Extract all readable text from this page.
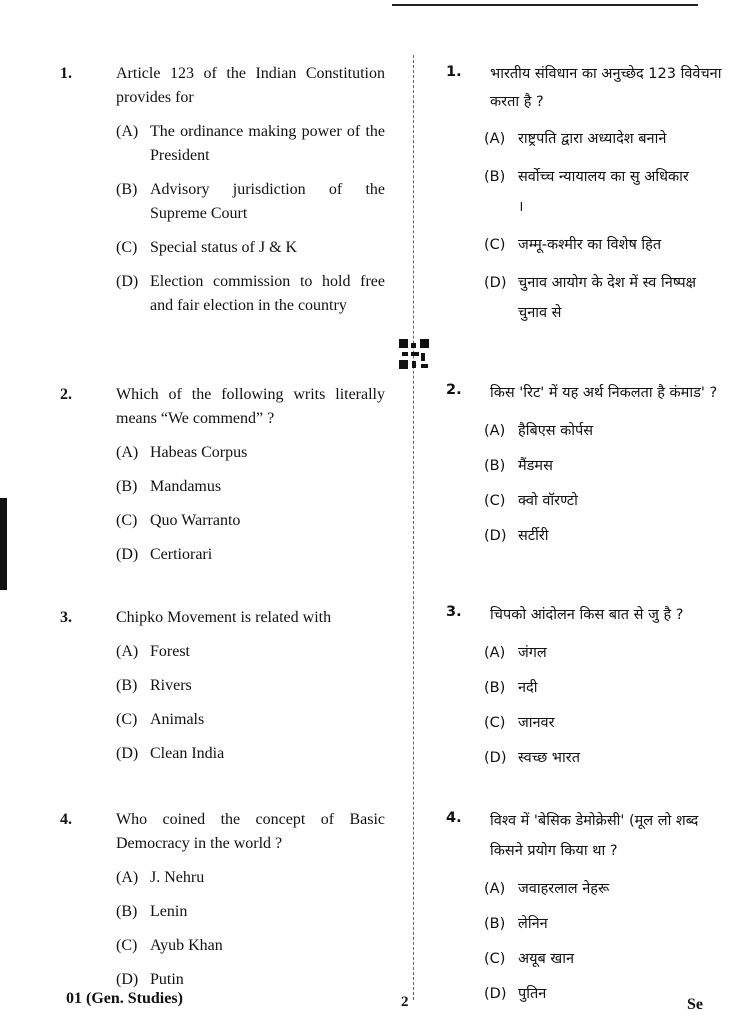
1.	Article 123 of the Indian Constitution provides for
(A) The ordinance making power of the President
(B) Advisory jurisdiction of the Supreme Court
(C) Special status of J & K
(D) Election commission to hold free and fair election in the country
2.	Which of the following writs literally means “We commend” ?
(A) Habeas Corpus
(B) Mandamus
(C) Quo Warranto
(D) Certiorari
3.	Chipko Movement is related with
(A) Forest
(B) Rivers
(C) Animals
(D) Clean India
4.	Who coined the concept of Basic Democracy in the world ?
(A) J. Nehru
(B) Lenin
(C) Ayub Khan
(D) Putin
1. भारतीय संविधान का अनुच्छेद 123 विवेचना करता है ?
(A) राष्ट्रपति द्वारा अध्यादेश बनाने
(B) सर्वोच्च न्यायालय का सु अधिकार ।
(C) जम्मू-कश्मीर का विशेष हित
(D) चुनाव आयोग के देश में स्व निष्पक्ष चुनाव से
2. किस 'रिट' में यह अर्थ निकलता है कंमाड' ?
(A) हैबिएस कोर्पस
(B) मैंडमस
(C) क्वो वॉरण्टो
(D) सर्टीरी
3. चिपको आंदोलन किस बात से जु है ?
(A) जंगल
(B) नदी
(C) जानवर
(D) स्वच्छ भारत
4. विश्व में 'बेसिक डेमोक्रेसी' (मूल लो शब्द किसने प्रयोग किया था ?
(A) जवाहरलाल नेहरू
(B) लेनिन
(C) अयूब खान
(D) पुतिन
01 (Gen. Studies)	2	Se
